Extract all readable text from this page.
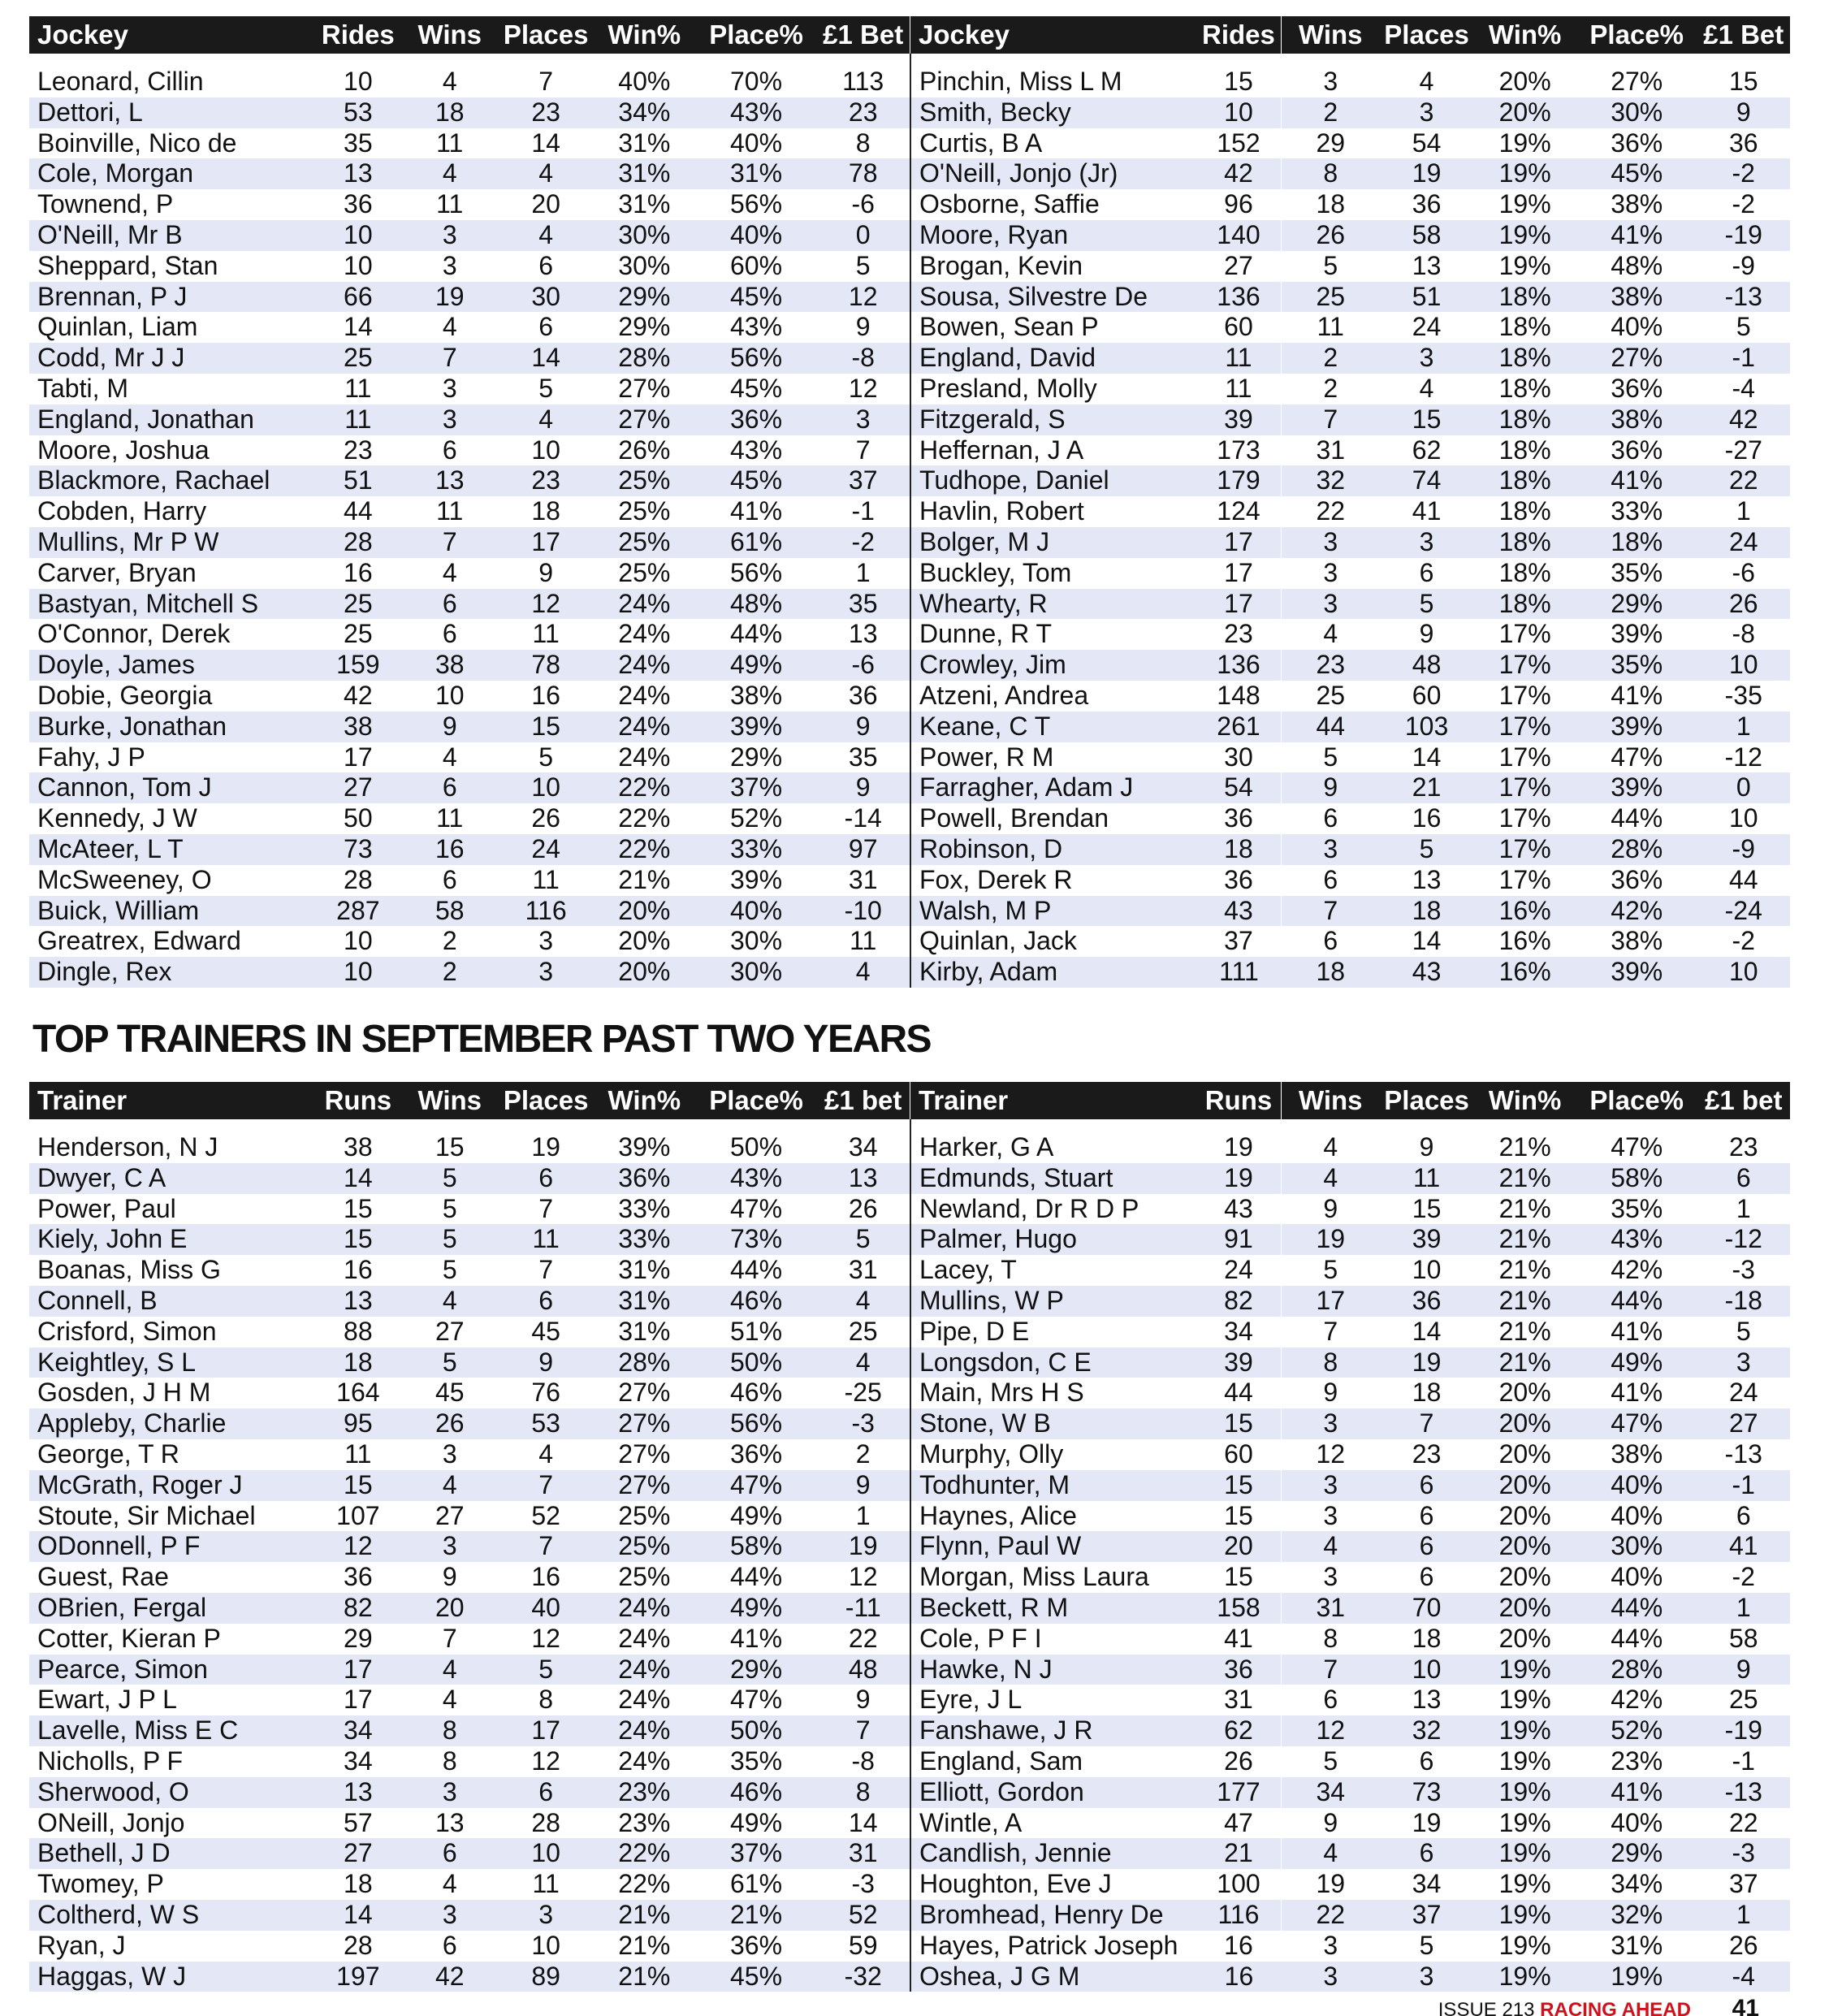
Jockey	Rides	Wins	Places	Win%	Place%	£1 Bet

Leonard, Cillin	10	4	7	40%	70%	113
Dettori, L	53	18	23	34%	43%	23
Boinville, Nico de	35	11	14	31%	40%	8
Cole, Morgan	13	4	4	31%	31%	78
Townend, P	36	11	20	31%	56%	-6
O'Neill, Mr B	10	3	4	30%	40%	0
Sheppard, Stan	10	3	6	30%	60%	5
Brennan, P J	66	19	30	29%	45%	12
Quinlan, Liam	14	4	6	29%	43%	9
Codd, Mr J J	25	7	14	28%	56%	-8
Tabti, M	11	3	5	27%	45%	12
England, Jonathan	11	3	4	27%	36%	3
Moore, Joshua	23	6	10	26%	43%	7
Blackmore, Rachael	51	13	23	25%	45%	37
Cobden, Harry	44	11	18	25%	41%	-1
Mullins, Mr P W	28	7	17	25%	61%	-2
Carver, Bryan	16	4	9	25%	56%	1
Bastyan, Mitchell S	25	6	12	24%	48%	35
O'Connor, Derek	25	6	11	24%	44%	13
Doyle, James	159	38	78	24%	49%	-6
Dobie, Georgia	42	10	16	24%	38%	36
Burke, Jonathan	38	9	15	24%	39%	9
Fahy, J P	17	4	5	24%	29%	35
Cannon, Tom J	27	6	10	22%	37%	9
Kennedy, J W	50	11	26	22%	52%	-14
McAteer, L T	73	16	24	22%	33%	97
McSweeney, O	28	6	11	21%	39%	31
Buick, William	287	58	116	20%	40%	-10
Greatrex, Edward	10	2	3	20%	30%	11
Dingle, Rex	10	2	3	20%	30%	4
Jockey	Rides	Wins	Places	Win%	Place%	£1 Bet

Pinchin, Miss L M	15	3	4	20%	27%	15
Smith, Becky	10	2	3	20%	30%	9
Curtis, B A	152	29	54	19%	36%	36
O'Neill, Jonjo (Jr)	42	8	19	19%	45%	-2
Osborne, Saffie	96	18	36	19%	38%	-2
Moore, Ryan	140	26	58	19%	41%	-19
Brogan, Kevin	27	5	13	19%	48%	-9
Sousa, Silvestre De	136	25	51	18%	38%	-13
Bowen, Sean P	60	11	24	18%	40%	5
England, David	11	2	3	18%	27%	-1
Presland, Molly	11	2	4	18%	36%	-4
Fitzgerald, S	39	7	15	18%	38%	42
Heffernan, J A	173	31	62	18%	36%	-27
Tudhope, Daniel	179	32	74	18%	41%	22
Havlin, Robert	124	22	41	18%	33%	1
Bolger, M J	17	3	3	18%	18%	24
Buckley, Tom	17	3	6	18%	35%	-6
Whearty, R	17	3	5	18%	29%	26
Dunne, R T	23	4	9	17%	39%	-8
Crowley, Jim	136	23	48	17%	35%	10
Atzeni, Andrea	148	25	60	17%	41%	-35
Keane, C T	261	44	103	17%	39%	1
Power, R M	30	5	14	17%	47%	-12
Farragher, Adam J	54	9	21	17%	39%	0
Powell, Brendan	36	6	16	17%	44%	10
Robinson, D	18	3	5	17%	28%	-9
Fox, Derek R	36	6	13	17%	36%	44
Walsh, M P	43	7	18	16%	42%	-24
Quinlan, Jack	37	6	14	16%	38%	-2
Kirby, Adam	111	18	43	16%	39%	10
TOP TRAINERS IN SEPTEMBER PAST TWO YEARS
Trainer	Runs	Wins	Places	Win%	Place%	£1 bet

Henderson, N J	38	15	19	39%	50%	34
Dwyer, C A	14	5	6	36%	43%	13
Power, Paul	15	5	7	33%	47%	26
Kiely, John E	15	5	11	33%	73%	5
Boanas, Miss G	16	5	7	31%	44%	31
Connell, B	13	4	6	31%	46%	4
Crisford, Simon	88	27	45	31%	51%	25
Keightley, S L	18	5	9	28%	50%	4
Gosden, J H M	164	45	76	27%	46%	-25
Appleby, Charlie	95	26	53	27%	56%	-3
George, T R	11	3	4	27%	36%	2
McGrath, Roger J	15	4	7	27%	47%	9
Stoute, Sir Michael	107	27	52	25%	49%	1
ODonnell, P F	12	3	7	25%	58%	19
Guest, Rae	36	9	16	25%	44%	12
OBrien, Fergal	82	20	40	24%	49%	-11
Cotter, Kieran P	29	7	12	24%	41%	22
Pearce, Simon	17	4	5	24%	29%	48
Ewart, J P L	17	4	8	24%	47%	9
Lavelle, Miss E C	34	8	17	24%	50%	7
Nicholls, P F	34	8	12	24%	35%	-8
Sherwood, O	13	3	6	23%	46%	8
ONeill, Jonjo	57	13	28	23%	49%	14
Bethell, J D	27	6	10	22%	37%	31
Twomey, P	18	4	11	22%	61%	-3
Coltherd, W S	14	3	3	21%	21%	52
Ryan, J	28	6	10	21%	36%	59
Haggas, W J	197	42	89	21%	45%	-32
Trainer	Runs	Wins	Places	Win%	Place%	£1 bet

Harker, G A	19	4	9	21%	47%	23
Edmunds, Stuart	19	4	11	21%	58%	6
Newland, Dr R D P	43	9	15	21%	35%	1
Palmer, Hugo	91	19	39	21%	43%	-12
Lacey, T	24	5	10	21%	42%	-3
Mullins, W P	82	17	36	21%	44%	-18
Pipe, D E	34	7	14	21%	41%	5
Longsdon, C E	39	8	19	21%	49%	3
Main, Mrs H S	44	9	18	20%	41%	24
Stone, W B	15	3	7	20%	47%	27
Murphy, Olly	60	12	23	20%	38%	-13
Todhunter, M	15	3	6	20%	40%	-1
Haynes, Alice	15	3	6	20%	40%	6
Flynn, Paul W	20	4	6	20%	30%	41
Morgan, Miss Laura	15	3	6	20%	40%	-2
Beckett, R M	158	31	70	20%	44%	1
Cole, P F I	41	8	18	20%	44%	58
Hawke, N J	36	7	10	19%	28%	9
Eyre, J L	31	6	13	19%	42%	25
Fanshawe, J R	62	12	32	19%	52%	-19
England, Sam	26	5	6	19%	23%	-1
Elliott, Gordon	177	34	73	19%	41%	-13
Wintle, A	47	9	19	19%	40%	22
Candlish, Jennie	21	4	6	19%	29%	-3
Houghton, Eve J	100	19	34	19%	34%	37
Bromhead, Henry De	116	22	37	19%	32%	1
Hayes, Patrick Joseph	16	3	5	19%	31%	26
Oshea, J G M	16	3	3	19%	19%	-4
ISSUE 213 RACING AHEAD 41
